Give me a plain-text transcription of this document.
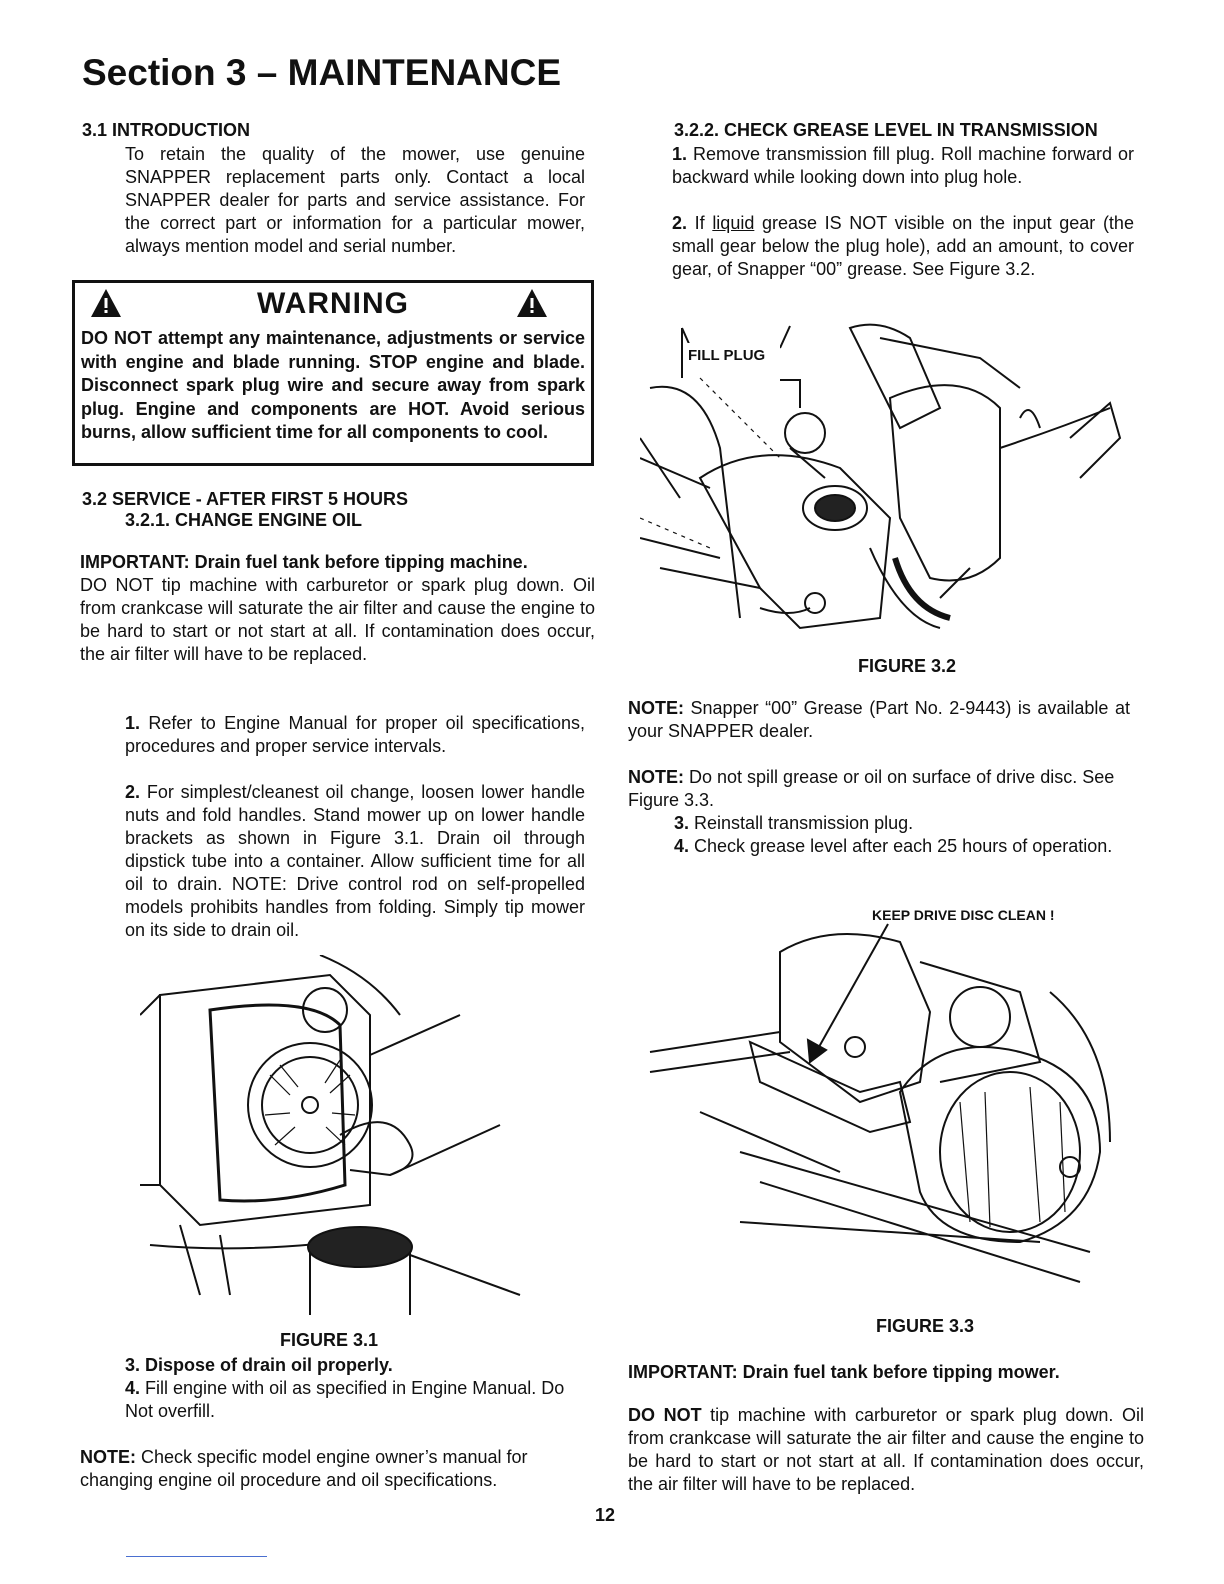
Section 3 – MAINTENANCE
3.1 INTRODUCTION

To retain the quality of the mower, use genuine SNAPPER replacement parts only. Contact a local SNAPPER dealer for parts and service assistance. For the correct part or information for a particular mower, always mention model and serial number.

WARNING
DO NOT attempt any maintenance, adjustments or service with engine and blade running. STOP engine and blade. Disconnect spark plug wire and secure away from spark plug. Engine and components are HOT. Avoid serious burns, allow sufficient time for all components to cool.
3.2 SERVICE - AFTER FIRST 5 HOURS
3.2.1. CHANGE ENGINE OIL
IMPORTANT: Drain fuel tank before tipping machine.

DO NOT tip machine with carburetor or spark plug down. Oil from crankcase will saturate the air filter and cause the engine to be hard to start or not start at all. If contamination does occur, the air filter will have to be replaced.

1. Refer to Engine Manual for proper oil specifications, procedures and proper service intervals.

2. For simplest/cleanest oil change, loosen lower handle nuts and fold handles. Stand mower up on lower handle brackets as shown in Figure 3.1. Drain oil through dipstick tube into a container. Allow sufficient time for all oil to drain. NOTE: Drive control rod on self-propelled models prohibits handles from folding. Simply tip mower on its side to drain oil.

FIGURE 3.1

3. Dispose of drain oil properly.

4. Fill engine with oil as specified in Engine Manual. Do Not overfill.

NOTE: Check specific model engine owner’s manual for changing engine oil procedure and oil specifications.

3.2.2. CHECK GREASE LEVEL IN TRANSMISSION

1. Remove transmission fill plug. Roll machine forward or backward while looking down into plug hole.

2. If liquid grease IS NOT visible on the input gear (the small gear below the plug hole), add an amount, to cover gear, of Snapper “00” grease. See Figure 3.2.

FILL PLUG
FIGURE 3.2

NOTE: Snapper “00” Grease (Part No. 2-9443) is available at your SNAPPER dealer.

NOTE: Do not spill grease or oil on surface of drive disc. See Figure 3.3.

3. Reinstall transmission plug.

4. Check grease level after each 25 hours of operation.

KEEP DRIVE DISC CLEAN !
FIGURE 3.3
IMPORTANT: Drain fuel tank before tipping mower.

DO NOT tip machine with carburetor or spark plug down. Oil from crankcase will saturate the air filter and cause the engine to be hard to start or not start at all. If contamination does occur, the air filter will have to be replaced.

12
